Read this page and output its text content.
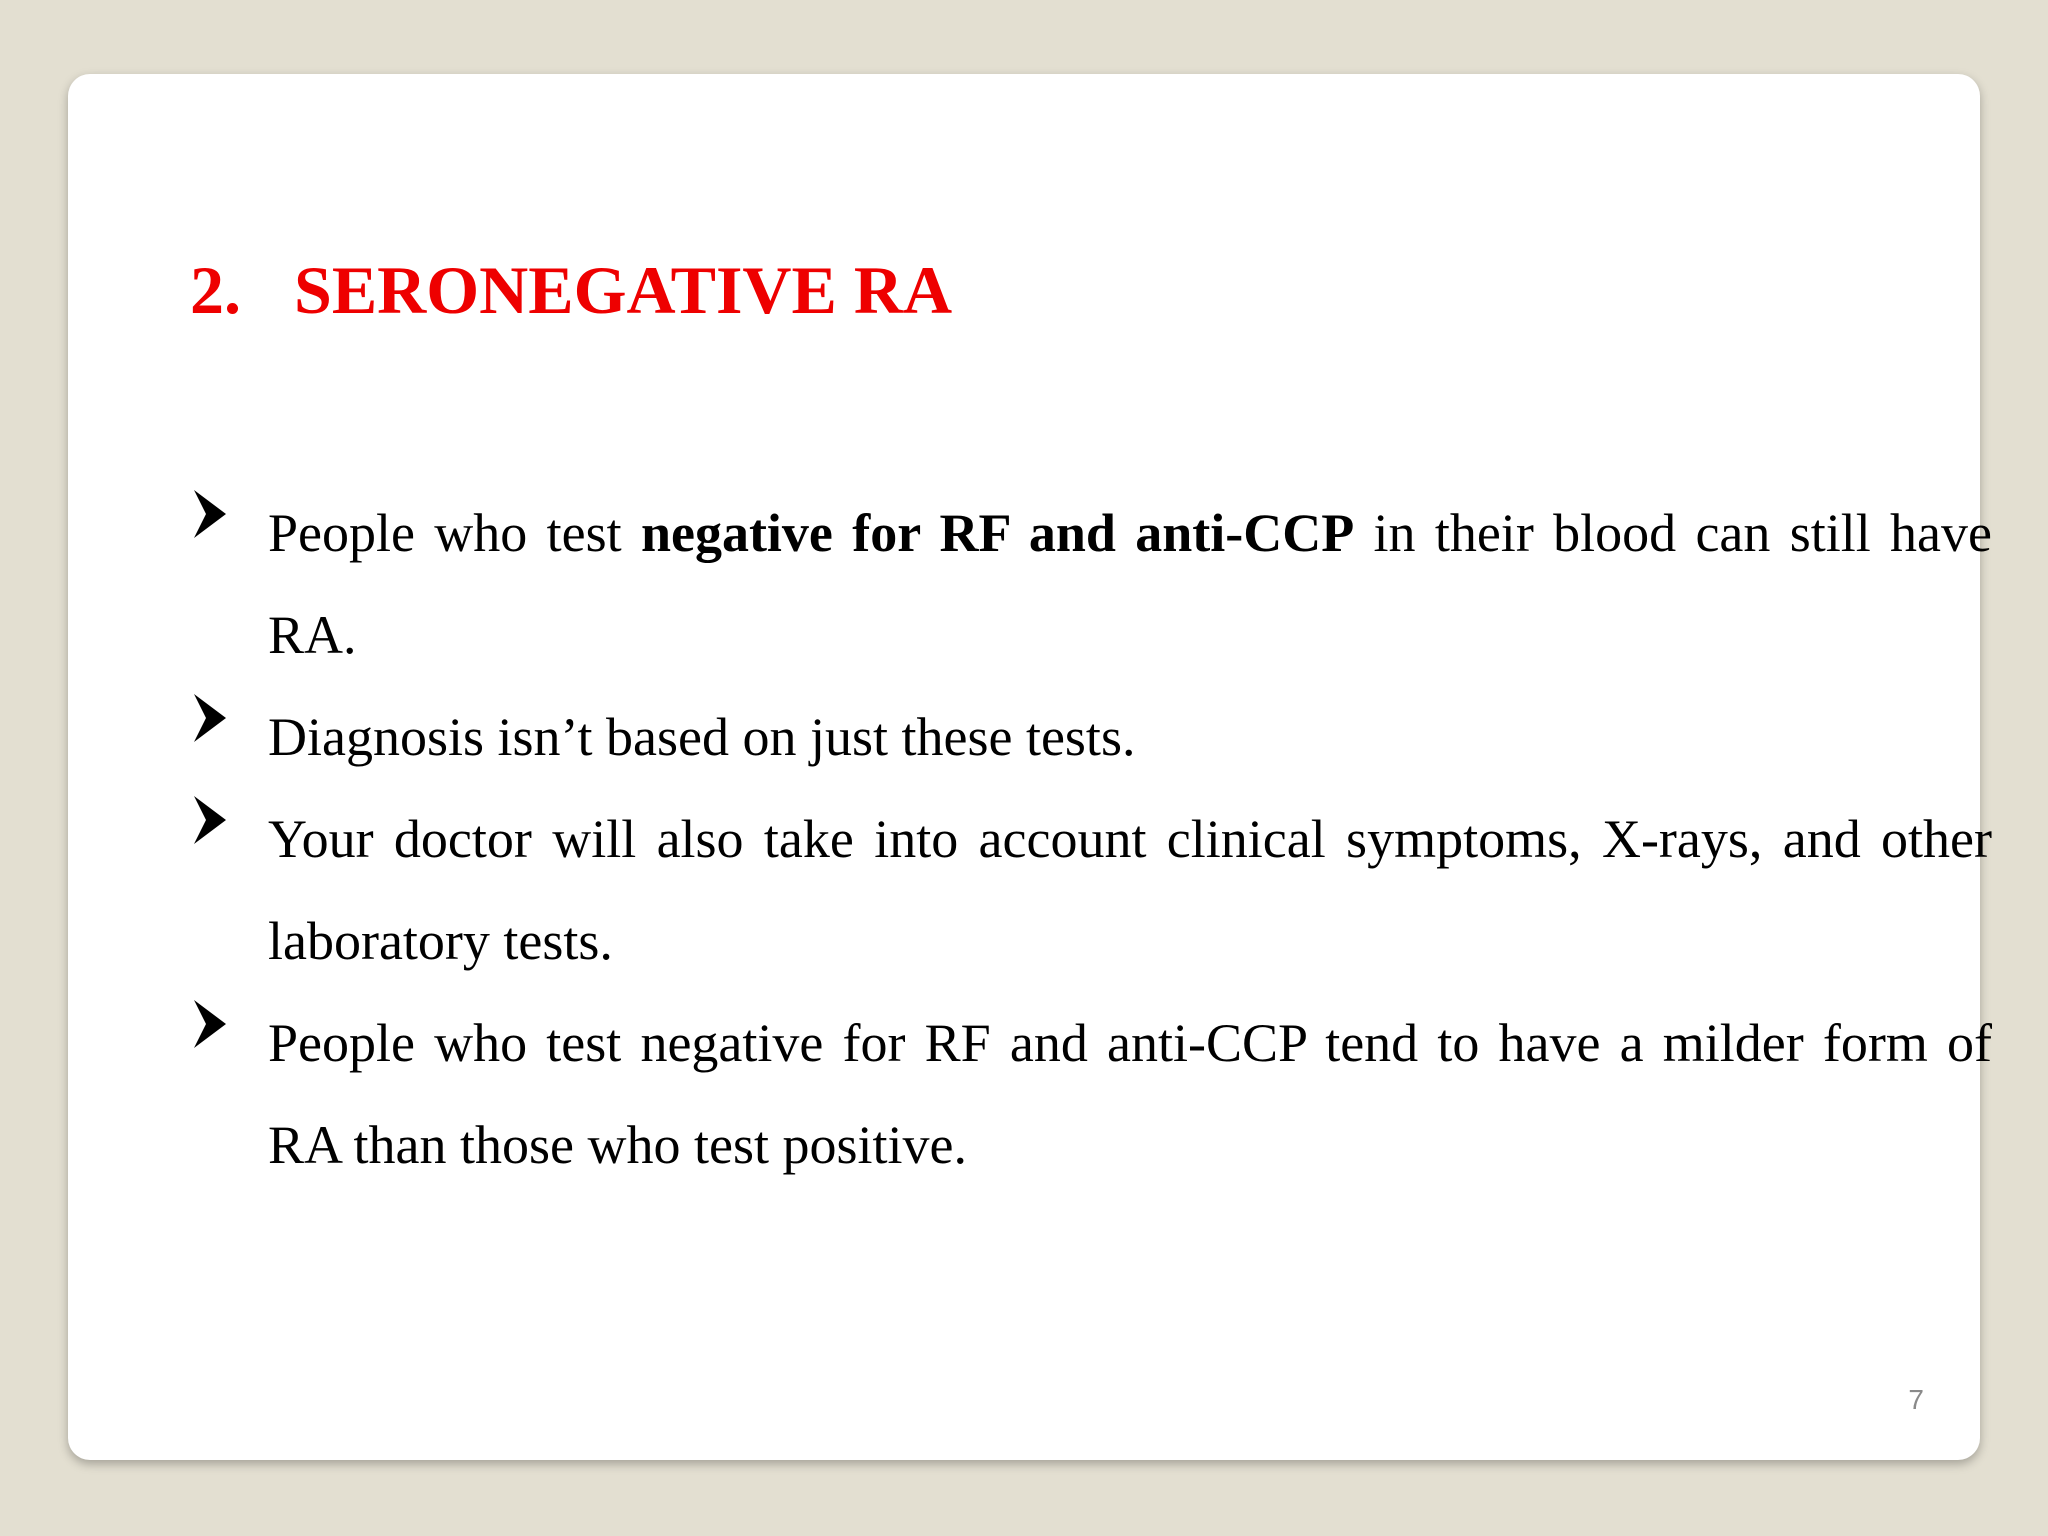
2. SERONEGATIVE RA
People who test negative for RF and anti-CCP in their blood can still have RA.
Diagnosis isn’t based on just these tests.
Your doctor will also take into account clinical symptoms, X-rays, and other laboratory tests.
People who test negative for RF and anti-CCP tend to have a milder form of RA than those who test positive.
7
